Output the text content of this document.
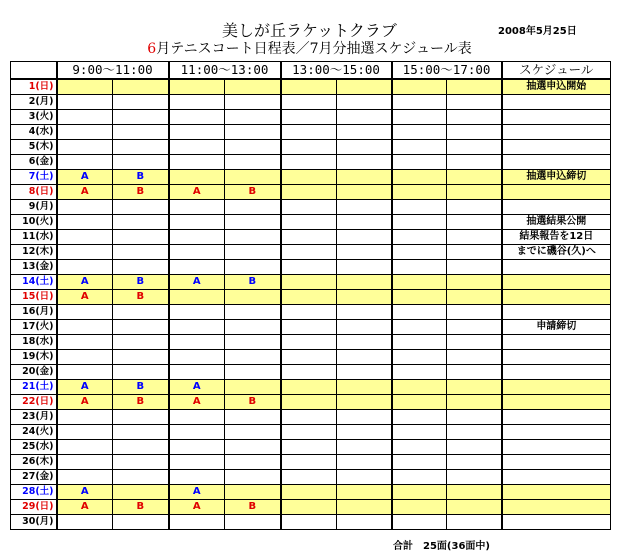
美しが丘ラケットクラブ	2008年5月25日
6月テニスコート日程表／7月分抽選スケジュール表
	9:00～11:00		11:00～13:00		13:00～15:00		15:00～17:00		スケジュール
1(日)									抽選申込開始
2(月)									
3(火)									
4(水)									
5(木)									
6(金)									
7(土)	A	B							抽選申込締切
8(日)	A	B	A	B					
9(月)									
10(火)									抽選結果公開
11(水)									結果報告を12日
12(木)									までに磯谷(久)へ
13(金)									
14(土)	A	B	A	B					
15(日)	A	B							
16(月)									
17(火)									申請締切
18(水)									
19(木)									
20(金)									
21(土)	A	B	A						
22(日)	A	B	A	B					
23(月)									
24(火)									
25(水)									
26(木)									
27(金)									
28(土)	A		A						
29(日)	A	B	A	B					
30(月)									
合計　25面(36面中)
